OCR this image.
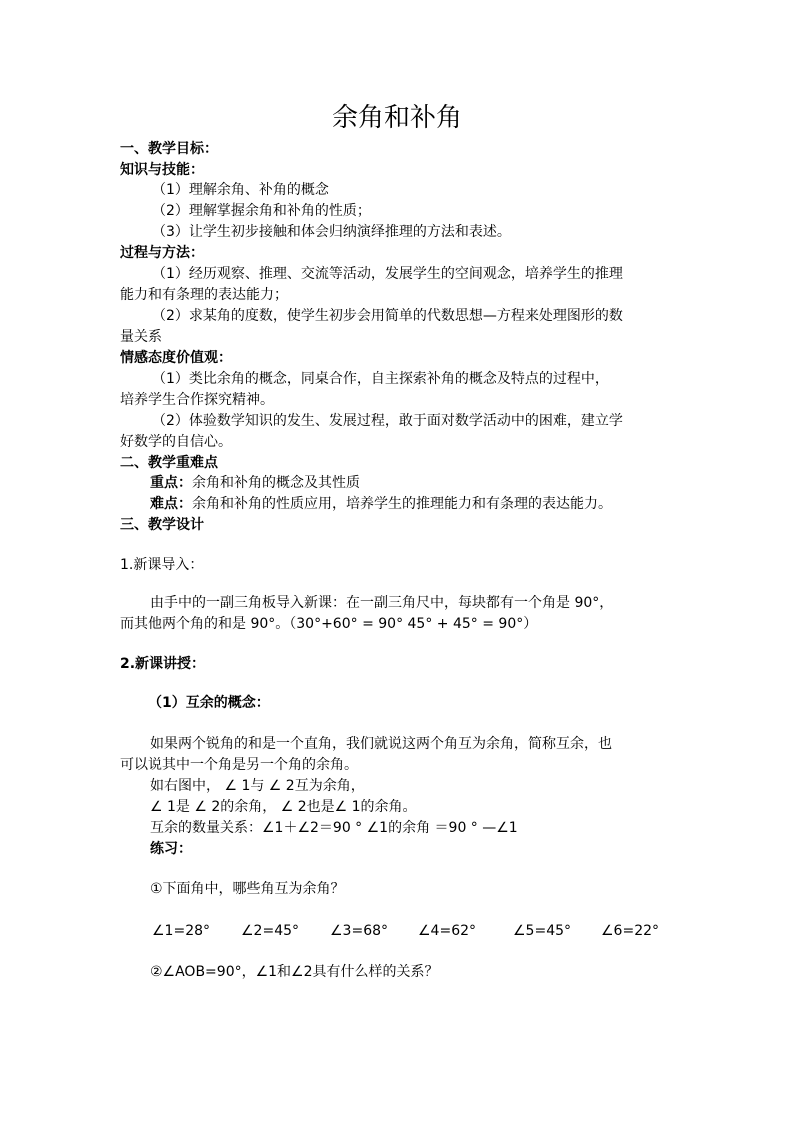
余角和补角
一、教学目标：
知识与技能：
（1）理解余角、补角的概念
（2）理解掌握余角和补角的性质；
（3）让学生初步接触和体会归纳演绎推理的方法和表述。
过程与方法：
（1）经历观察、推理、交流等活动，发展学生的空间观念，培养学生的推理
能力和有条理的表达能力；
（2）求某角的度数，使学生初步会用简单的代数思想—方程来处理图形的数
量关系
情感态度价值观：
（1）类比余角的概念，同桌合作，自主探索补角的概念及特点的过程中，
培养学生合作探究精神。
（2）体验数学知识的发生、发展过程，敢于面对数学活动中的困难，建立学
好数学的自信心。
二、教学重难点
重点：余角和补角的概念及其性质
难点：余角和补角的性质应用，培养学生的推理能力和有条理的表达能力。
三、教学设计
1.新课导入：
由手中的一副三角板导入新课：在一副三角尺中，每块都有一个角是 90°，
而其他两个角的和是 90°。（30°+60° = 90° 45° + 45° = 90°）
2.新课讲授：
（1）互余的概念：
如果两个锐角的和是一个直角，我们就说这两个角互为余角，简称互余，也
可以说其中一个角是另一个角的余角。
如右图中， ∠ 1与 ∠ 2互为余角，
∠ 1是 ∠ 2的余角， ∠ 2也是∠ 1的余角。
互余的数量关系：∠1＋∠2＝90 ° ∠1的余角 ＝90 ° —∠1
练习：
①下面角中，哪些角互为余角？
∠1=28° ∠2=45° ∠3=68° ∠4=62°	∠5=45° ∠6=22°
②∠AOB=90°，∠1和∠2具有什么样的关系？
